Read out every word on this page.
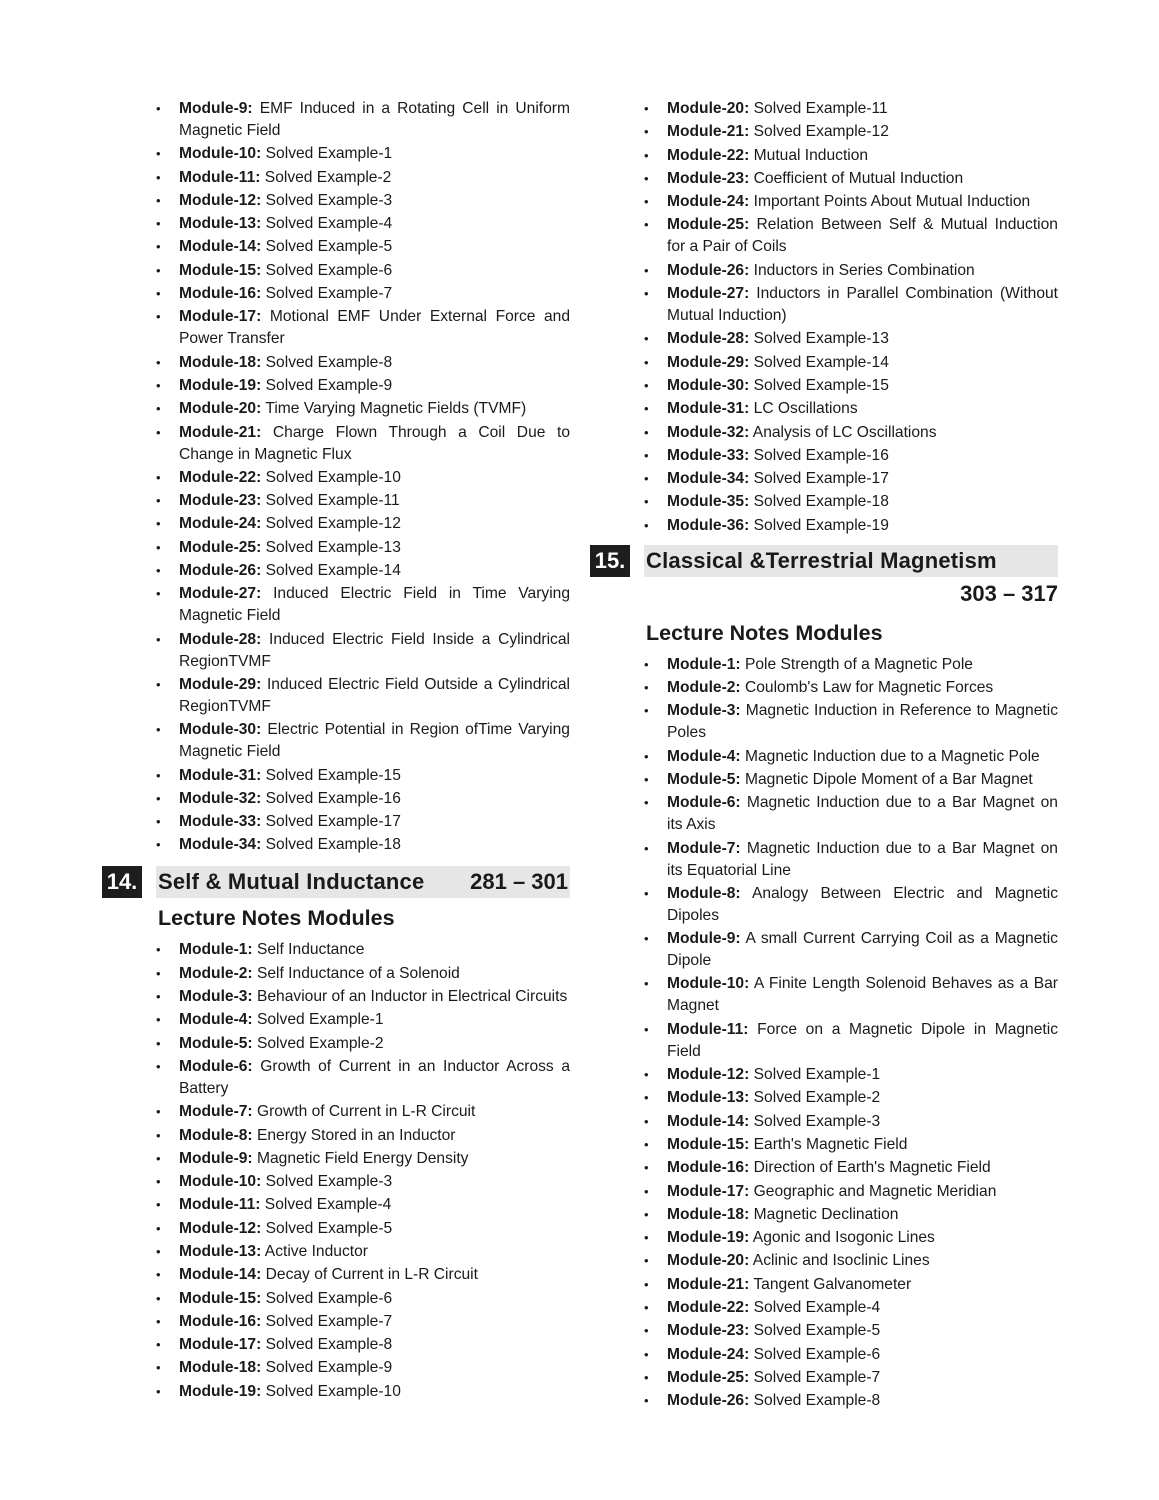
• Module-9: EMF Induced in a Rotating Cell in Uniform Magnetic Field
• Module-10: Solved Example-1
• Module-11: Solved Example-2
• Module-12: Solved Example-3
• Module-13: Solved Example-4
• Module-14: Solved Example-5
• Module-15: Solved Example-6
• Module-16: Solved Example-7
• Module-17: Motional EMF Under External Force and Power Transfer
• Module-18: Solved Example-8
• Module-19: Solved Example-9
• Module-20: Time Varying Magnetic Fields (TVMF)
• Module-21: Charge Flown Through a Coil Due to Change in Magnetic Flux
• Module-22: Solved Example-10
• Module-23: Solved Example-11
• Module-24: Solved Example-12
• Module-25: Solved Example-13
• Module-26: Solved Example-14
• Module-27: Induced Electric Field in Time Varying Magnetic Field
• Module-28: Induced Electric Field Inside a Cylindrical RegionTVMF
• Module-29: Induced Electric Field Outside a Cylindrical RegionTVMF
• Module-30: Electric Potential in Region ofTime Varying Magnetic Field
• Module-31: Solved Example-15
• Module-32: Solved Example-16
• Module-33: Solved Example-17
• Module-34: Solved Example-18
14. Self & Mutual Inductance 281 – 301
Lecture Notes Modules
• Module-1: Self Inductance
• Module-2: Self Inductance of a Solenoid
• Module-3: Behaviour of an Inductor in Electrical Circuits
• Module-4: Solved Example-1
• Module-5: Solved Example-2
• Module-6: Growth of Current in an Inductor Across a Battery
• Module-7: Growth of Current in L-R Circuit
• Module-8: Energy Stored in an Inductor
• Module-9: Magnetic Field Energy Density
• Module-10: Solved Example-3
• Module-11: Solved Example-4
• Module-12: Solved Example-5
• Module-13: Active Inductor
• Module-14: Decay of Current in L-R Circuit
• Module-15: Solved Example-6
• Module-16: Solved Example-7
• Module-17: Solved Example-8
• Module-18: Solved Example-9
• Module-19: Solved Example-10
• Module-20: Solved Example-11
• Module-21: Solved Example-12
• Module-22: Mutual Induction
• Module-23: Coefficient of Mutual Induction
• Module-24: Important Points About Mutual Induction
• Module-25: Relation Between Self & Mutual Induction for a Pair of Coils
• Module-26: Inductors in Series Combination
• Module-27: Inductors in Parallel Combination (Without Mutual Induction)
• Module-28: Solved Example-13
• Module-29: Solved Example-14
• Module-30: Solved Example-15
• Module-31: LC Oscillations
• Module-32: Analysis of LC Oscillations
• Module-33: Solved Example-16
• Module-34: Solved Example-17
• Module-35: Solved Example-18
• Module-36: Solved Example-19
15. Classical &Terrestrial Magnetism
303 – 317
Lecture Notes Modules
• Module-1: Pole Strength of a Magnetic Pole
• Module-2: Coulomb's Law for Magnetic Forces
• Module-3: Magnetic Induction in Reference to Magnetic Poles
• Module-4: Magnetic Induction due to a Magnetic Pole
• Module-5: Magnetic Dipole Moment of a Bar Magnet
• Module-6: Magnetic Induction due to a Bar Magnet on its Axis
• Module-7: Magnetic Induction due to a Bar Magnet on its Equatorial Line
• Module-8: Analogy Between Electric and Magnetic Dipoles
• Module-9: A small Current Carrying Coil as a Magnetic Dipole
• Module-10: A Finite Length Solenoid Behaves as a Bar Magnet
• Module-11: Force on a Magnetic Dipole in Magnetic Field
• Module-12: Solved Example-1
• Module-13: Solved Example-2
• Module-14: Solved Example-3
• Module-15: Earth's Magnetic Field
• Module-16: Direction of Earth's Magnetic Field
• Module-17: Geographic and Magnetic Meridian
• Module-18: Magnetic Declination
• Module-19: Agonic and Isogonic Lines
• Module-20: Aclinic and Isoclinic Lines
• Module-21: Tangent Galvanometer
• Module-22: Solved Example-4
• Module-23: Solved Example-5
• Module-24: Solved Example-6
• Module-25: Solved Example-7
• Module-26: Solved Example-8
